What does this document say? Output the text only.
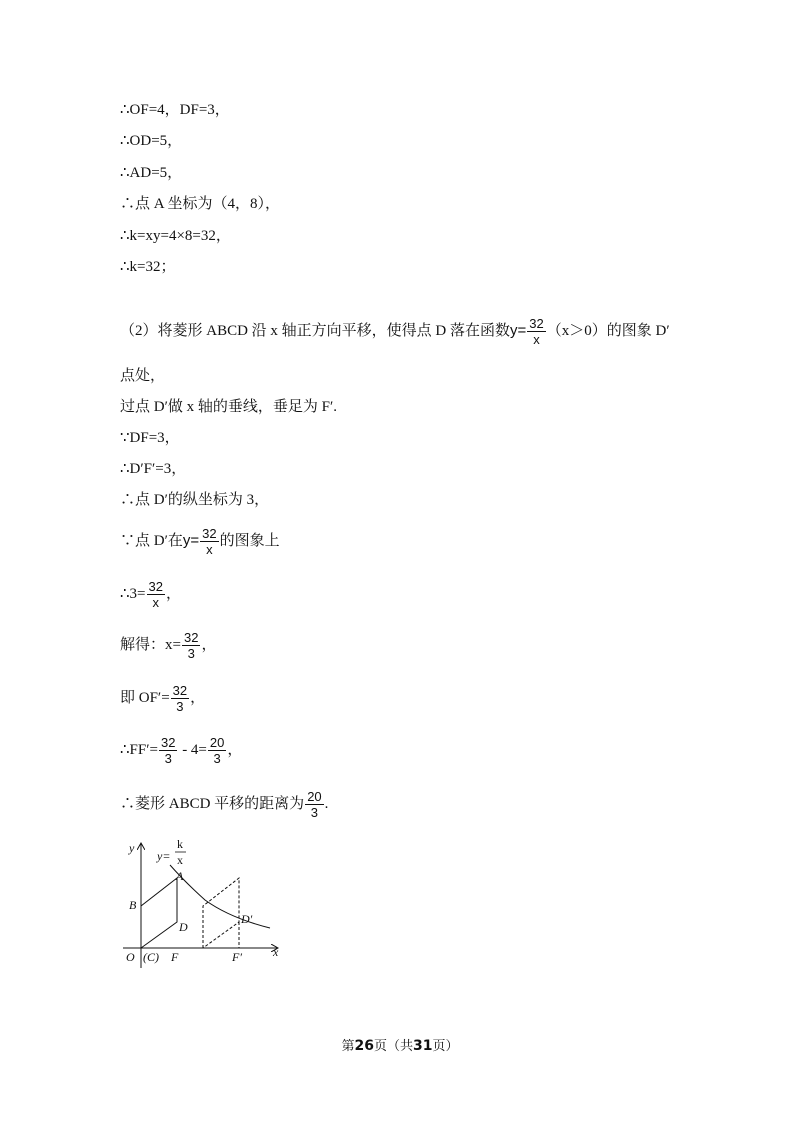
∴OF=4，DF=3，
∴OD=5，
∴AD=5，
∴点 A 坐标为（4，8），
∴k=xy=4×8=32，
∴k=32；
（2）将菱形 ABCD 沿 x 轴正方向平移，使得点 D 落在函数$y= \frac{32}{x} (x>0)$的图象 D′
点处，
过点 D′做 x 轴的垂线，垂足为 F′.
∵DF=3，
∴D′F′=3，
∴点 D′的纵坐标为 3，
∵点 D′在$y= \frac{32}{x}$ 的图象上
∴3= $\frac{32}{x}$ ，
解得：$x= \frac{32}{3}$ ，
即 $OF'= \frac{32}{3}$ ，
∴FF′= $\frac{32}{3} - 4= \frac{20}{3}$ ，
∴菱形 ABCD 平移的距离为 $\frac{20}{3}$ .
y
x
y=
k
x
A
B
D
D′
O (C) F	F′
第26页（共31页）
